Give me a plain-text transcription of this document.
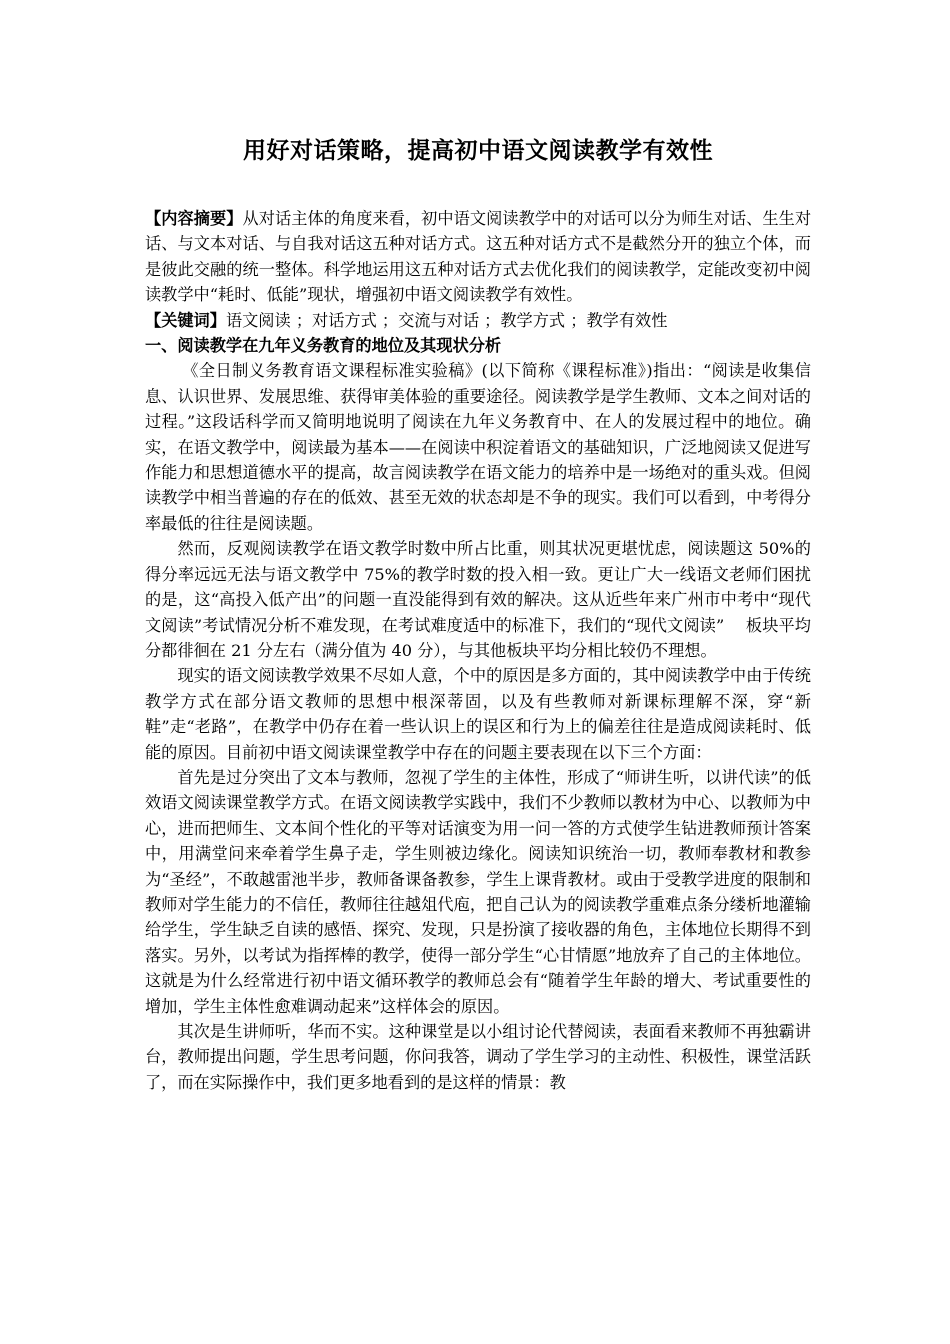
用好对话策略，提高初中语文阅读教学有效性

【内容摘要】从对话主体的角度来看，初中语文阅读教学中的对话可以分为师生对话、生生对话、与文本对话、与自我对话这五种对话方式。这五种对话方式不是截然分开的独立个体，而是彼此交融的统一整体。科学地运用这五种对话方式去优化我们的阅读教学，定能改变初中阅读教学中“耗时、低能”现状，增强初中语文阅读教学有效性。

【关键词】语文阅读 ；对话方式 ；交流与对话 ；教学方式 ；教学有效性

一、阅读教学在九年义务教育的地位及其现状分析

《全日制义务教育语文课程标准实验稿》(以下简称《课程标准》)指出：“阅读是收集信息、认识世界、发展思维、获得审美体验的重要途径。阅读教学是学生教师、文本之间对话的过程。”这段话科学而又简明地说明了阅读在九年义务教育中、在人的发展过程中的地位。确实，在语文教学中，阅读最为基本——在阅读中积淀着语文的基础知识，广泛地阅读又促进写作能力和思想道德水平的提高，故言阅读教学在语文能力的培养中是一场绝对的重头戏。但阅读教学中相当普遍的存在的低效、甚至无效的状态却是不争的现实。我们可以看到，中考得分率最低的往往是阅读题。

然而，反观阅读教学在语文教学时数中所占比重，则其状况更堪忧虑，阅读题这 50%的得分率远远无法与语文教学中 75%的教学时数的投入相一致。更让广大一线语文老师们困扰的是，这“高投入低产出”的问题一直没能得到有效的解决。这从近些年来广州市中考中“现代文阅读”考试情况分析不难发现，在考试难度适中的标准下，我们的“现代文阅读”　 板块平均分都徘徊在 21 分左右（满分值为 40 分），与其他板块平均分相比较仍不理想。

现实的语文阅读教学效果不尽如人意，个中的原因是多方面的，其中阅读教学中由于传统教学方式在部分语文教师的思想中根深蒂固，以及有些教师对新课标理解不深，穿“新鞋”走“老路”，在教学中仍存在着一些认识上的误区和行为上的偏差往往是造成阅读耗时、低能的原因。目前初中语文阅读课堂教学中存在的问题主要表现在以下三个方面：

首先是过分突出了文本与教师，忽视了学生的主体性，形成了“师讲生听，以讲代读”的低效语文阅读课堂教学方式。在语文阅读教学实践中，我们不少教师以教材为中心、以教师为中心，进而把师生、文本间个性化的平等对话演变为用一问一答的方式使学生钻进教师预计答案中，用满堂问来牵着学生鼻子走，学生则被边缘化。阅读知识统治一切，教师奉教材和教参为“圣经”，不敢越雷池半步，教师备课备教参，学生上课背教材。或由于受教学进度的限制和教师对学生能力的不信任，教师往往越俎代庖，把自己认为的阅读教学重难点条分缕析地灌输给学生，学生缺乏自读的感悟、探究、发现，只是扮演了接收器的角色，主体地位长期得不到落实。另外，以考试为指挥棒的教学，使得一部分学生“心甘情愿”地放弃了自己的主体地位。这就是为什么经常进行初中语文循环教学的教师总会有“随着学生年龄的增大、考试重要性的增加，学生主体性愈难调动起来”这样体会的原因。

其次是生讲师听，华而不实。这种课堂是以小组讨论代替阅读，表面看来教师不再独霸讲台，教师提出问题，学生思考问题，你问我答，调动了学生学习的主动性、积极性，课堂活跃了，而在实际操作中，我们更多地看到的是这样的情景：教
